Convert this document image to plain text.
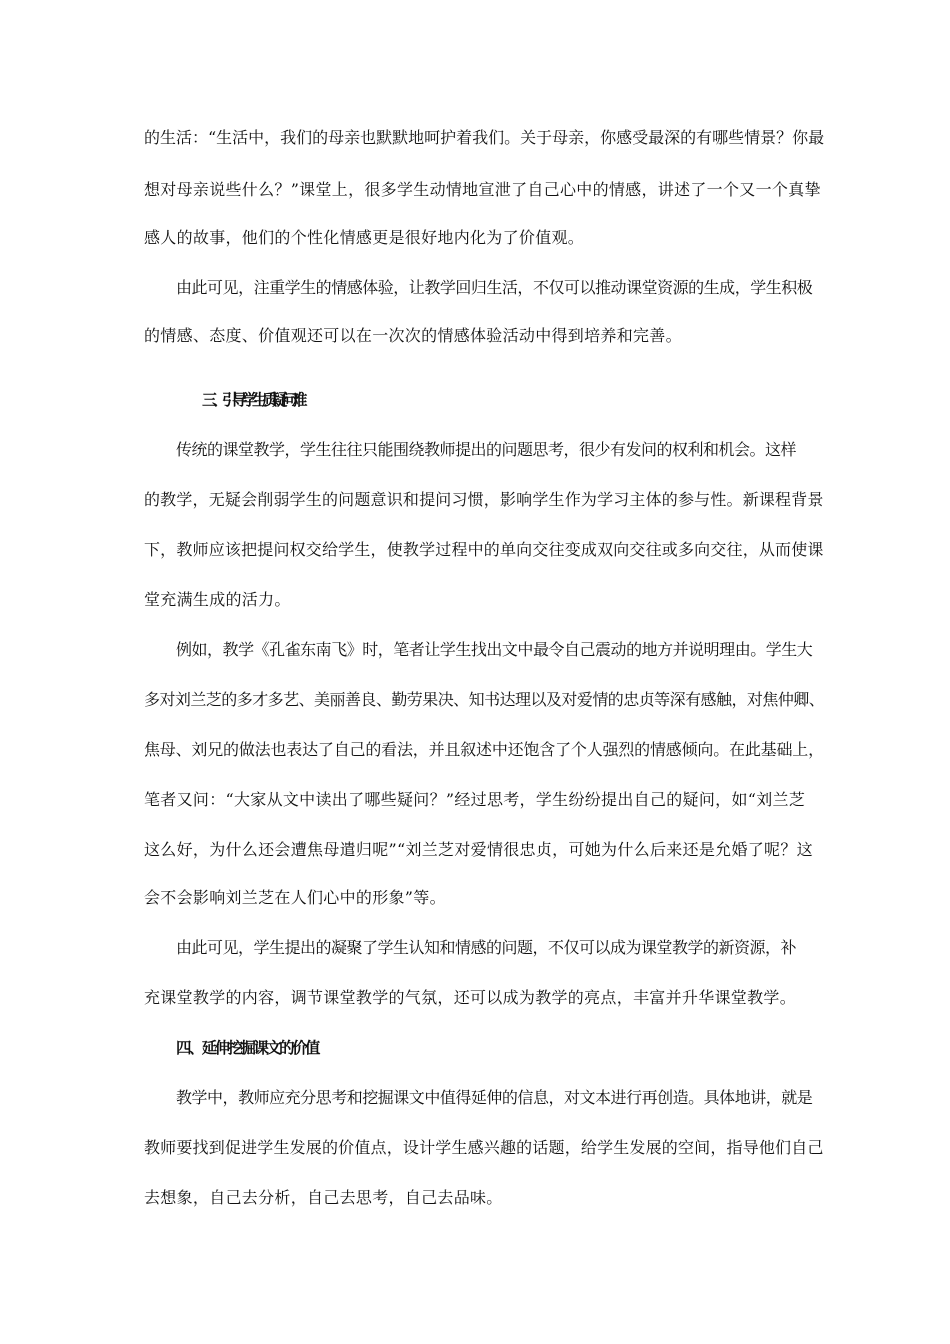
的生活：“生活中，我们的母亲也默默地呵护着我们。关于母亲，你感受最深的有哪些情景？你最
想对母亲说些什么？”课堂上，很多学生动情地宣泄了自己心中的情感，讲述了一个又一个真挚
感人的故事，他们的个性化情感更是很好地内化为了价值观。
由此可见，注重学生的情感体验，让教学回归生活，不仅可以推动课堂资源的生成，学生积极
的情感、态度、价值观还可以在一次次的情感体验活动中得到培养和完善。
三、引导学生质疑问难
传统的课堂教学，学生往往只能围绕教师提出的问题思考，很少有发问的权利和机会。这样
的教学，无疑会削弱学生的问题意识和提问习惯，影响学生作为学习主体的参与性。新课程背景
下，教师应该把提问权交给学生，使教学过程中的单向交往变成双向交往或多向交往，从而使课
堂充满生成的活力。
例如，教学《孔雀东南飞》时，笔者让学生找出文中最令自己震动的地方并说明理由。学生大
多对刘兰芝的多才多艺、美丽善良、勤劳果决、知书达理以及对爱情的忠贞等深有感触，对焦仲卿、
焦母、刘兄的做法也表达了自己的看法，并且叙述中还饱含了个人强烈的情感倾向。在此基础上，
笔者又问：“大家从文中读出了哪些疑问？”经过思考，学生纷纷提出自己的疑问，如“刘兰芝
这么好，为什么还会遭焦母遣归呢”“刘兰芝对爱情很忠贞，可她为什么后来还是允婚了呢？这
会不会影响刘兰芝在人们心中的形象”等。
由此可见，学生提出的凝聚了学生认知和情感的问题，不仅可以成为课堂教学的新资源，补
充课堂教学的内容，调节课堂教学的气氛，还可以成为教学的亮点，丰富并升华课堂教学。
四、延伸挖掘课文的价值
教学中，教师应充分思考和挖掘课文中值得延伸的信息，对文本进行再创造。具体地讲，就是
教师要找到促进学生发展的价值点，设计学生感兴趣的话题，给学生发展的空间，指导他们自己
去想象，自己去分析，自己去思考，自己去品味。
